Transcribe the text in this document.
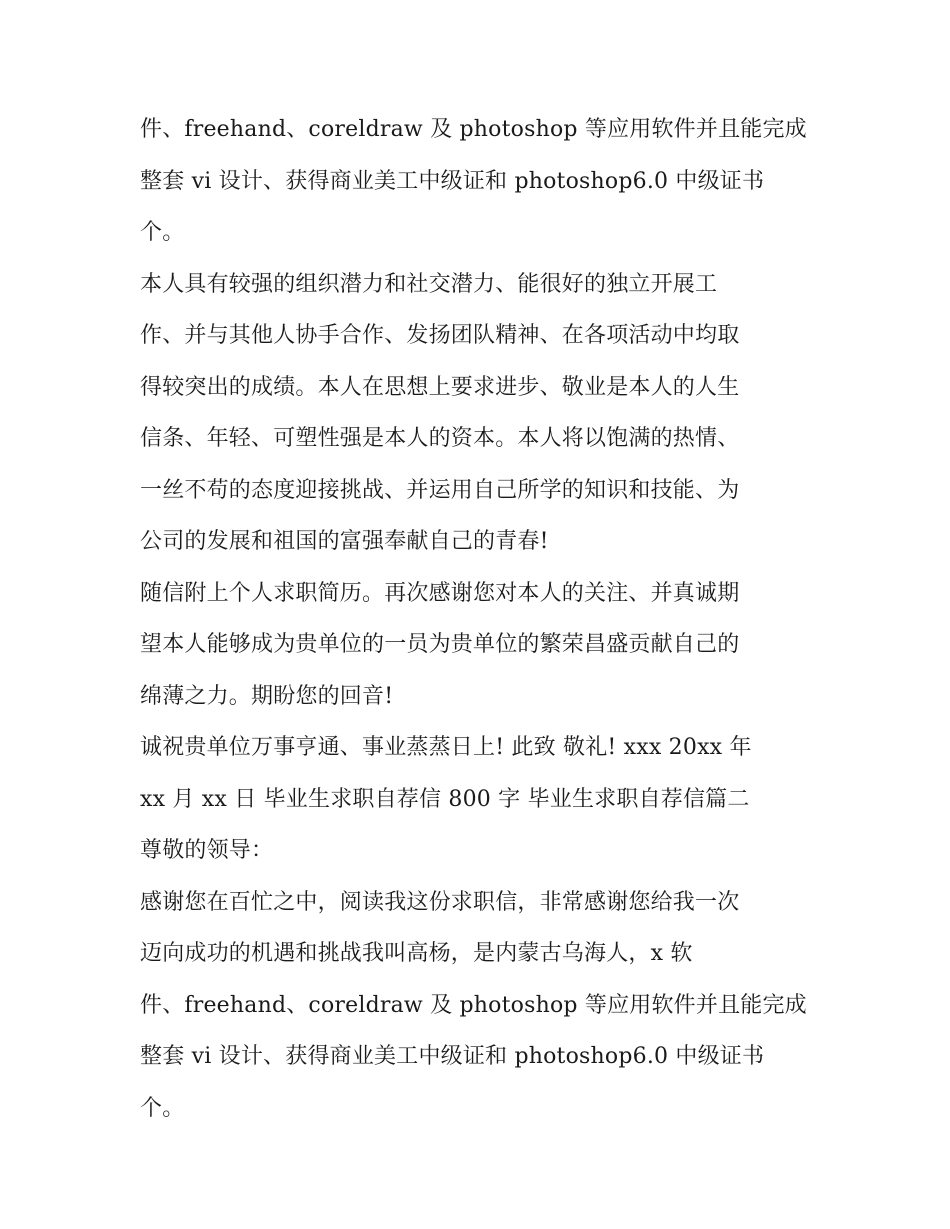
件、freehand、coreldraw 及 photoshop 等应用软件并且能完成
整套 vi 设计、获得商业美工中级证和 photoshop6.0 中级证书
个。
本人具有较强的组织潜力和社交潜力、能很好的独立开展工
作、并与其他人协手合作、发扬团队精神、在各项活动中均取
得较突出的成绩。本人在思想上要求进步、敬业是本人的人生
信条、年轻、可塑性强是本人的资本。本人将以饱满的热情、
一丝不苟的态度迎接挑战、并运用自己所学的知识和技能、为
公司的发展和祖国的富强奉献自己的青春!
随信附上个人求职简历。再次感谢您对本人的关注、并真诚期
望本人能够成为贵单位的一员为贵单位的繁荣昌盛贡献自己的
绵薄之力。期盼您的回音!
诚祝贵单位万事亨通、事业蒸蒸日上! 此致 敬礼! xxx 20xx 年
xx 月 xx 日 毕业生求职自荐信 800 字 毕业生求职自荐信篇二
尊敬的领导：
感谢您在百忙之中，阅读我这份求职信，非常感谢您给我一次
迈向成功的机遇和挑战我叫高杨，是内蒙古乌海人，x 软
件、freehand、coreldraw 及 photoshop 等应用软件并且能完成
整套 vi 设计、获得商业美工中级证和 photoshop6.0 中级证书
个。
